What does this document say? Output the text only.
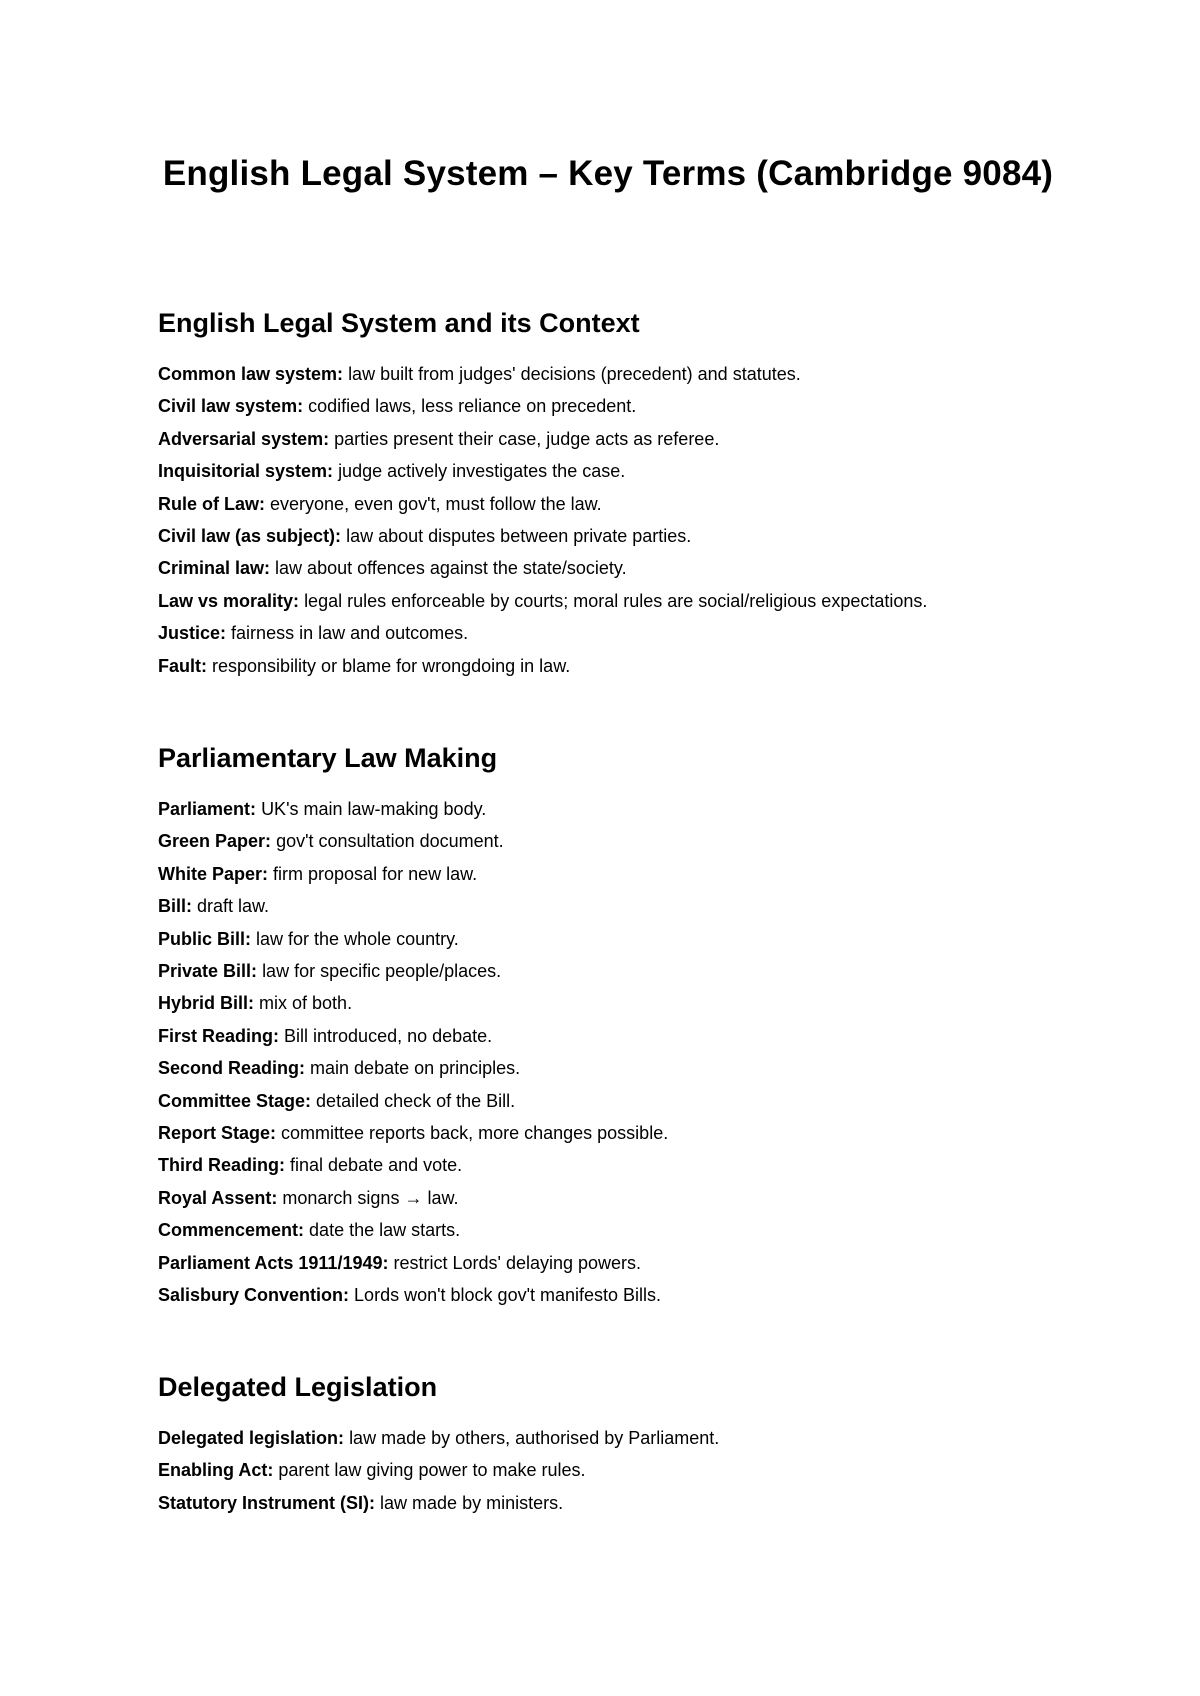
English Legal System – Key Terms (Cambridge 9084)
English Legal System and its Context
Common law system: law built from judges' decisions (precedent) and statutes.
Civil law system: codified laws, less reliance on precedent.
Adversarial system: parties present their case, judge acts as referee.
Inquisitorial system: judge actively investigates the case.
Rule of Law: everyone, even gov't, must follow the law.
Civil law (as subject): law about disputes between private parties.
Criminal law: law about offences against the state/society.
Law vs morality: legal rules enforceable by courts; moral rules are social/religious expectations.
Justice: fairness in law and outcomes.
Fault: responsibility or blame for wrongdoing in law.
Parliamentary Law Making
Parliament: UK's main law-making body.
Green Paper: gov't consultation document.
White Paper: firm proposal for new law.
Bill: draft law.
Public Bill: law for the whole country.
Private Bill: law for specific people/places.
Hybrid Bill: mix of both.
First Reading: Bill introduced, no debate.
Second Reading: main debate on principles.
Committee Stage: detailed check of the Bill.
Report Stage: committee reports back, more changes possible.
Third Reading: final debate and vote.
Royal Assent: monarch signs → law.
Commencement: date the law starts.
Parliament Acts 1911/1949: restrict Lords' delaying powers.
Salisbury Convention: Lords won't block gov't manifesto Bills.
Delegated Legislation
Delegated legislation: law made by others, authorised by Parliament.
Enabling Act: parent law giving power to make rules.
Statutory Instrument (SI): law made by ministers.
